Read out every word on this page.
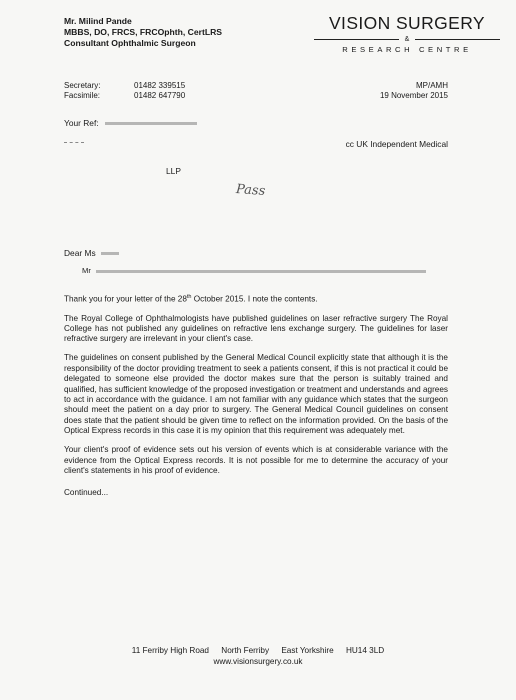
Mr. Milind Pande
MBBS, DO, FRCS, FRCOphth, CertLRS
Consultant Ophthalmic Surgeon
VISION SURGERY
&
RESEARCH CENTRE
Secretary:	01482 339515
Facsimile:	01482 647790
MP/AMH
19 November 2015
Your Ref:
cc UK Independent Medical
LLP
Pass
Dear Ms
Mr

Thank you for your letter of the 28th October 2015. I note the contents.

The Royal College of Ophthalmologists have published guidelines on laser refractive surgery The Royal College has not published any guidelines on refractive lens exchange surgery. The guidelines for laser refractive surgery are irrelevant in your client's case.

The guidelines on consent published by the General Medical Council explicitly state that although it is the responsibility of the doctor providing treatment to seek a patients consent, if this is not practical it could be delegated to someone else provided the doctor makes sure that the person is suitably trained and qualified, has sufficient knowledge of the proposed investigation or treatment and understands and agrees to act in accordance with the guidance. I am not familiar with any guidance which states that the surgeon should meet the patient on a day prior to surgery. The General Medical Council guidelines on consent does state that the patient should be given time to reflect on the information provided. On the basis of the Optical Express records in this case it is my opinion that this requirement was adequately met.

Your client's proof of evidence sets out his version of events which is at considerable variance with the evidence from the Optical Express records. It is not possible for me to determine the accuracy of your client's statements in his proof of evidence.

Continued...

11 Ferriby High Road North Ferriby East Yorkshire HU14 3LD
www.visionsurgery.co.uk
